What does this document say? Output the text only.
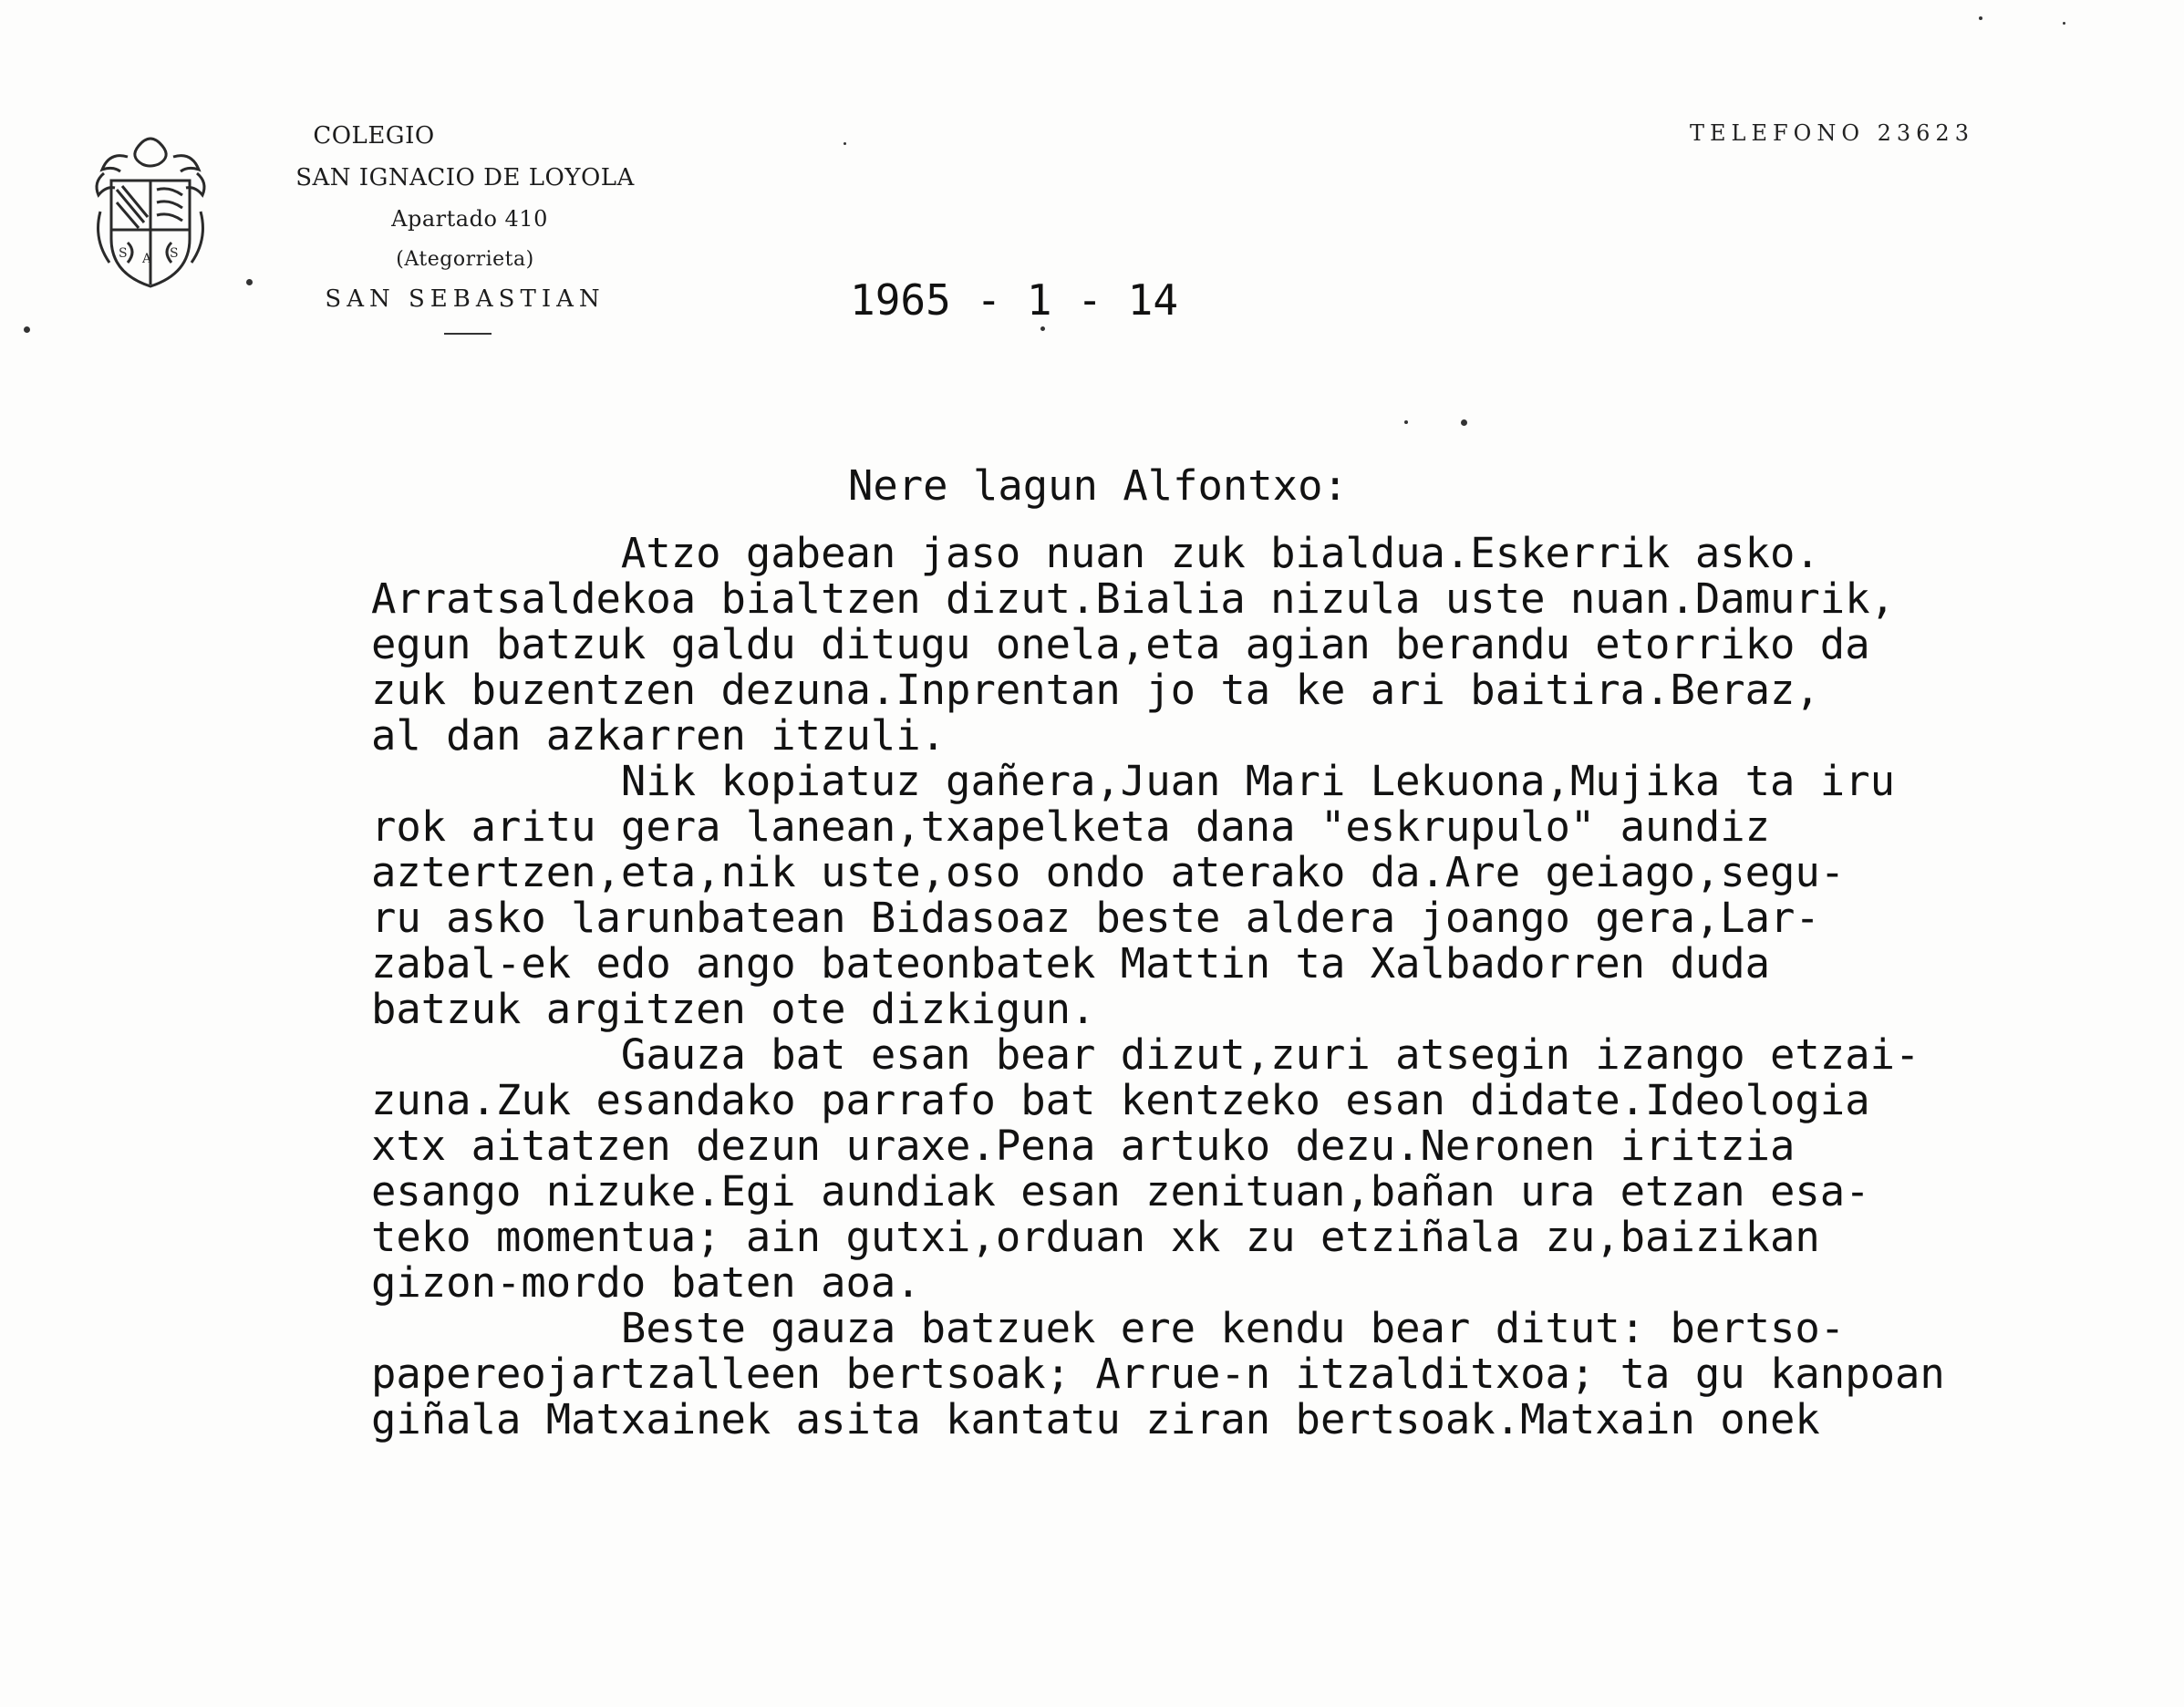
S A S
COLEGIO
SAN IGNACIO DE LOYOLA
Apartado 410
(Ategorrieta)
SAN SEBASTIAN
TELEFONO 23623
1965 - 1 - 14
Nere lagun Alfontxo:
Atzo gabean jaso nuan zuk bialdua.Eskerrik asko.
Arratsaldekoa bialtzen dizut.Bialia nizula uste nuan.Damurik,
egun batzuk galdu ditugu onela,eta agian berandu etorriko da
zuk buzentzen dezuna.Inprentan jo ta ke ari baitira.Beraz,
al dan azkarren itzuli.
Nik kopiatuz gañera,Juan Mari Lekuona,Mujika ta iru
rok aritu gera lanean,txapelketa dana "eskrupulo" aundiz
aztertzen,eta,nik uste,oso ondo aterako da.Are geiago,segu-
ru asko larunbatean Bidasoaz beste aldera joango gera,Lar-
zabal-ek edo ango bateonbatek Mattin ta Xalbadorren duda
batzuk argitzen ote dizkigun.
Gauza bat esan bear dizut,zuri atsegin izango etzai-
zuna.Zuk esandako parrafo bat kentzeko esan didate.Ideologia
xtx aitatzen dezun uraxe.Pena artuko dezu.Neronen iritzia
esango nizuke.Egi aundiak esan zenituan,bañan ura etzan esa-
teko momentua; ain gutxi,orduan xk zu etziñala zu,baizikan
gizon-mordo baten aoa.
Beste gauza batzuek ere kendu bear ditut: bertso-
papereojartzalleen bertsoak; Arrue-n itzalditxoa; ta gu kanpoan
giñala Matxainek asita kantatu ziran bertsoak.Matxain onek
